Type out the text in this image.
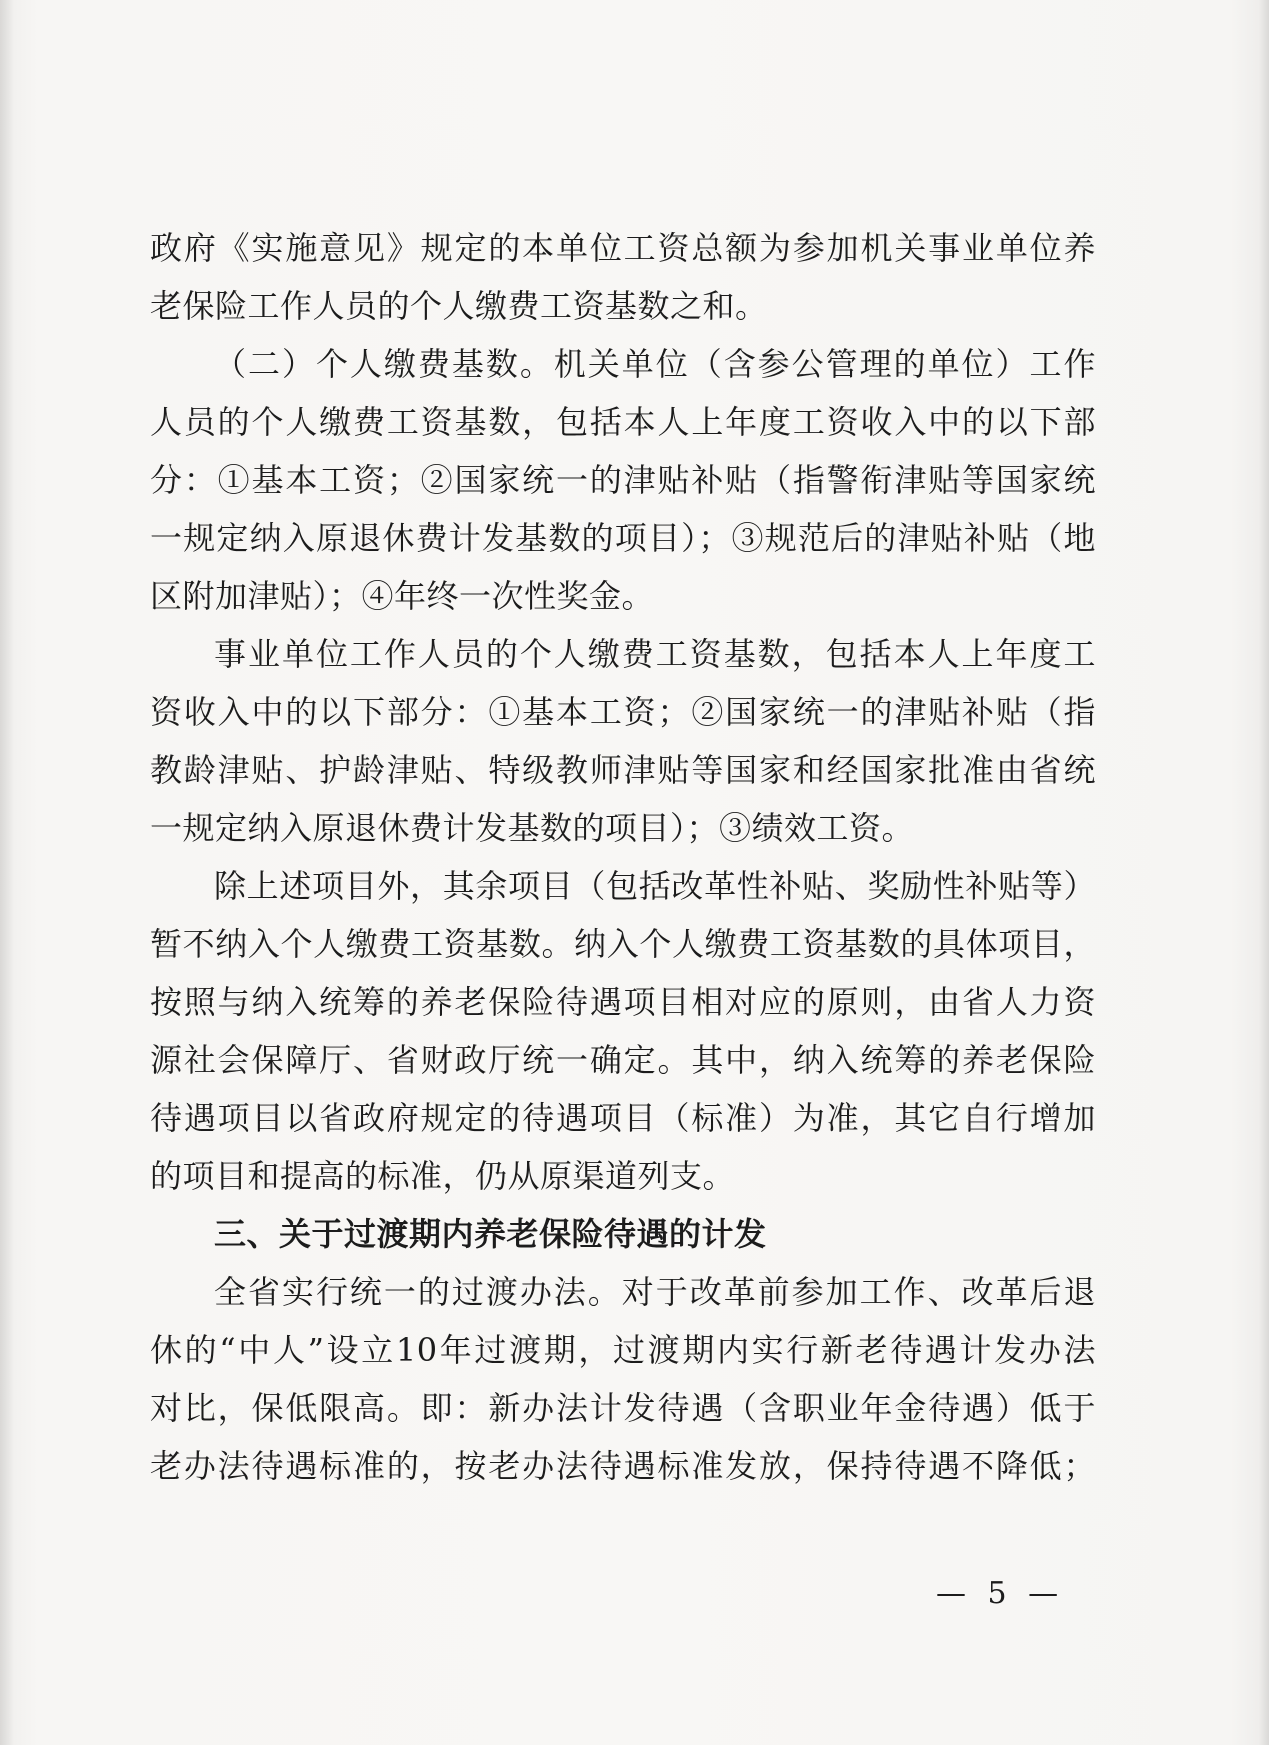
政府《实施意见》规定的本单位工资总额为参加机关事业单位养
老保险工作人员的个人缴费工资基数之和。
（二）个人缴费基数。机关单位（含参公管理的单位）工作
人员的个人缴费工资基数，包括本人上年度工资收入中的以下部
分：①基本工资；②国家统一的津贴补贴（指警衔津贴等国家统
一规定纳入原退休费计发基数的项目）；③规范后的津贴补贴（地
区附加津贴）；④年终一次性奖金。
事业单位工作人员的个人缴费工资基数，包括本人上年度工
资收入中的以下部分：①基本工资；②国家统一的津贴补贴（指
教龄津贴、护龄津贴、特级教师津贴等国家和经国家批准由省统
一规定纳入原退休费计发基数的项目）；③绩效工资。
除上述项目外，其余项目（包括改革性补贴、奖励性补贴等）
暂不纳入个人缴费工资基数。纳入个人缴费工资基数的具体项目，
按照与纳入统筹的养老保险待遇项目相对应的原则，由省人力资
源社会保障厅、省财政厅统一确定。其中，纳入统筹的养老保险
待遇项目以省政府规定的待遇项目（标准）为准，其它自行增加
的项目和提高的标准，仍从原渠道列支。
三、关于过渡期内养老保险待遇的计发
全省实行统一的过渡办法。对于改革前参加工作、改革后退
休的“中人”设立10年过渡期，过渡期内实行新老待遇计发办法
对比，保低限高。即：新办法计发待遇（含职业年金待遇）低于
老办法待遇标准的，按老办法待遇标准发放，保持待遇不降低；
— 5 —
